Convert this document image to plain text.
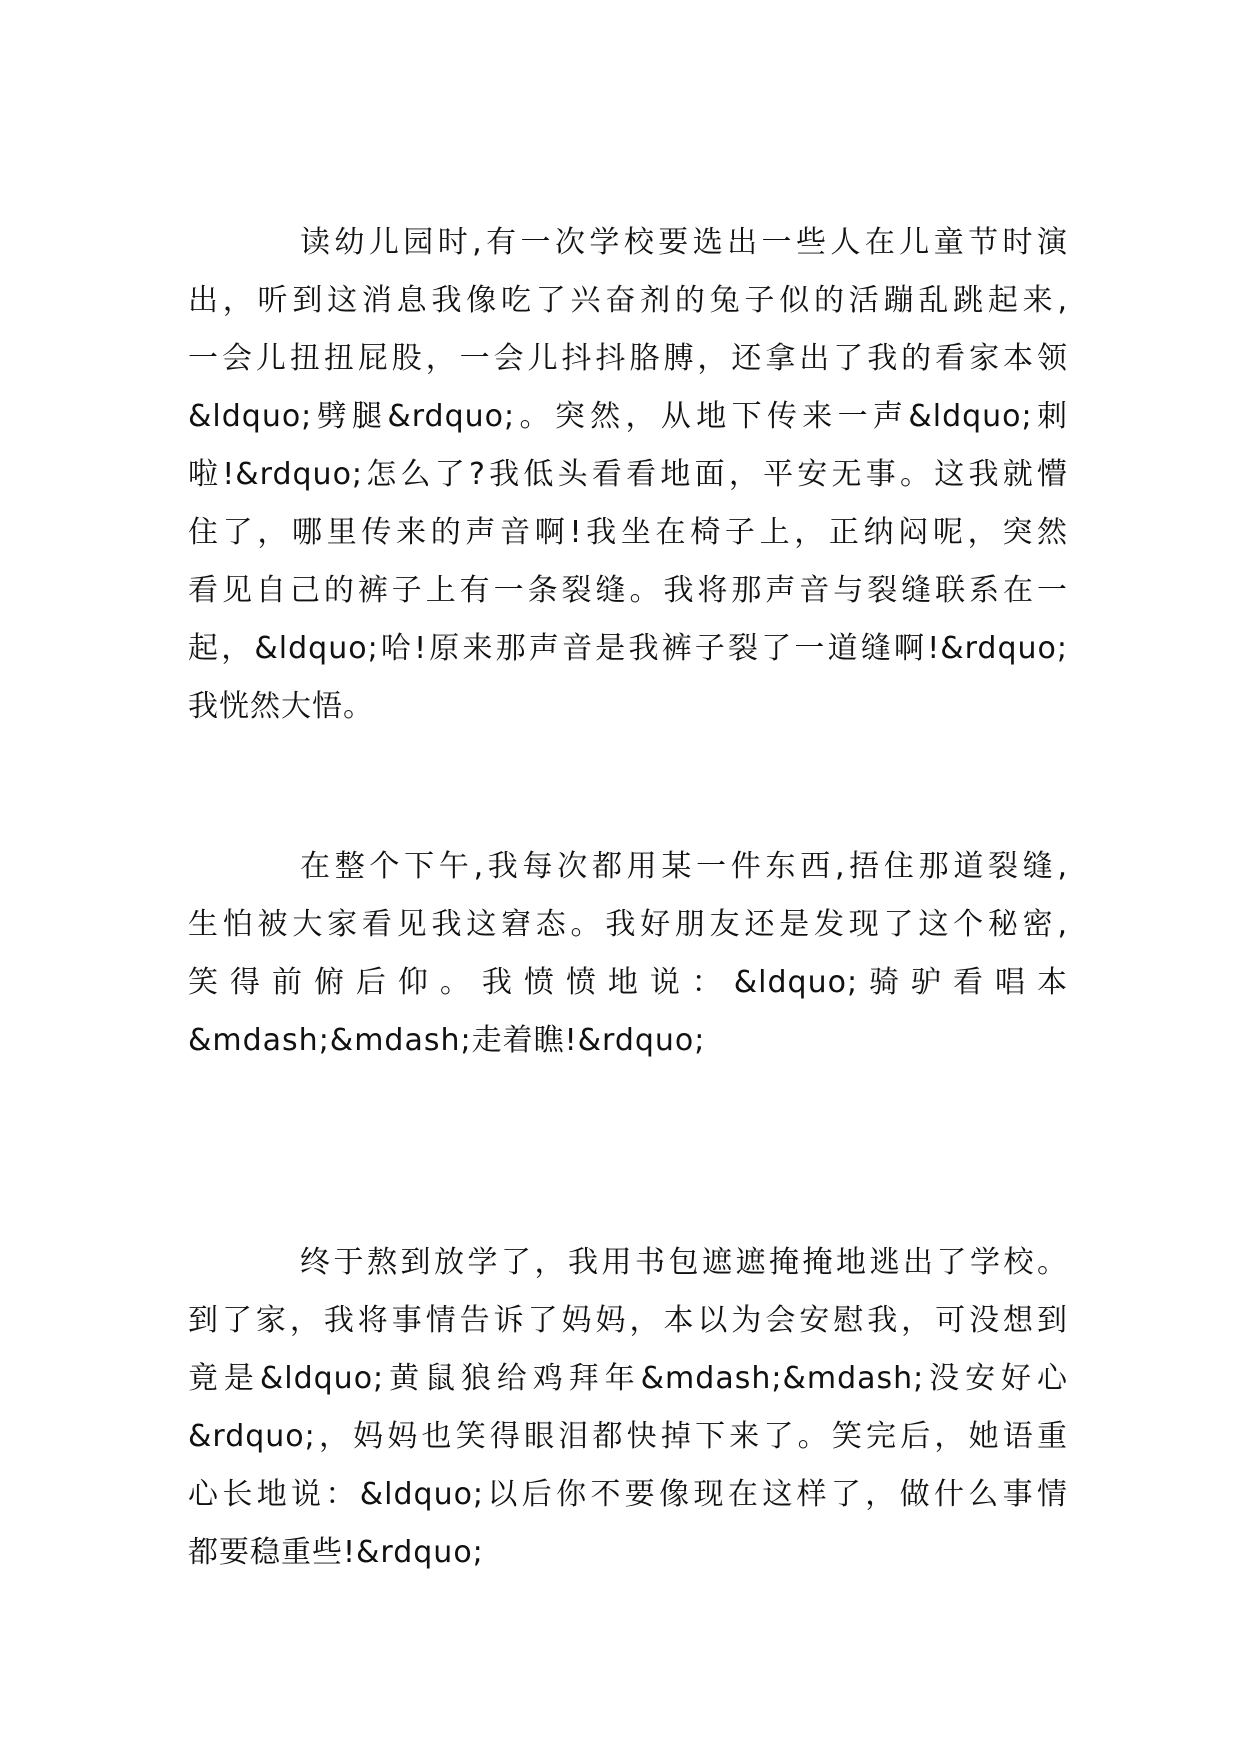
读幼儿园时,有一次学校要选出一些人在儿童节时演
出，听到这消息我像吃了兴奋剂的兔子似的活蹦乱跳起来,
一会儿扭扭屁股，一会儿抖抖胳膊，还拿出了我的看家本领
&ldquo;劈腿&rdquo;。突然，从地下传来一声&ldquo;刺
啦!&rdquo;怎么了?我低头看看地面，平安无事。这我就懵
住了，哪里传来的声音啊!我坐在椅子上，正纳闷呢，突然
看见自己的裤子上有一条裂缝。我将那声音与裂缝联系在一
起，&ldquo;哈!原来那声音是我裤子裂了一道缝啊!&rdquo;
我恍然大悟。
在整个下午,我每次都用某一件东西,捂住那道裂缝,
生怕被大家看见我这窘态。我好朋友还是发现了这个秘密,
笑得前俯后仰。我愤愤地说：&ldquo;骑驴看唱本
&mdash;&mdash;走着瞧!&rdquo;
终于熬到放学了，我用书包遮遮掩掩地逃出了学校。
到了家，我将事情告诉了妈妈，本以为会安慰我，可没想到
竟是&ldquo;黄鼠狼给鸡拜年&mdash;&mdash;没安好心
&rdquo;，妈妈也笑得眼泪都快掉下来了。笑完后，她语重
心长地说：&ldquo;以后你不要像现在这样了，做什么事情
都要稳重些!&rdquo;
